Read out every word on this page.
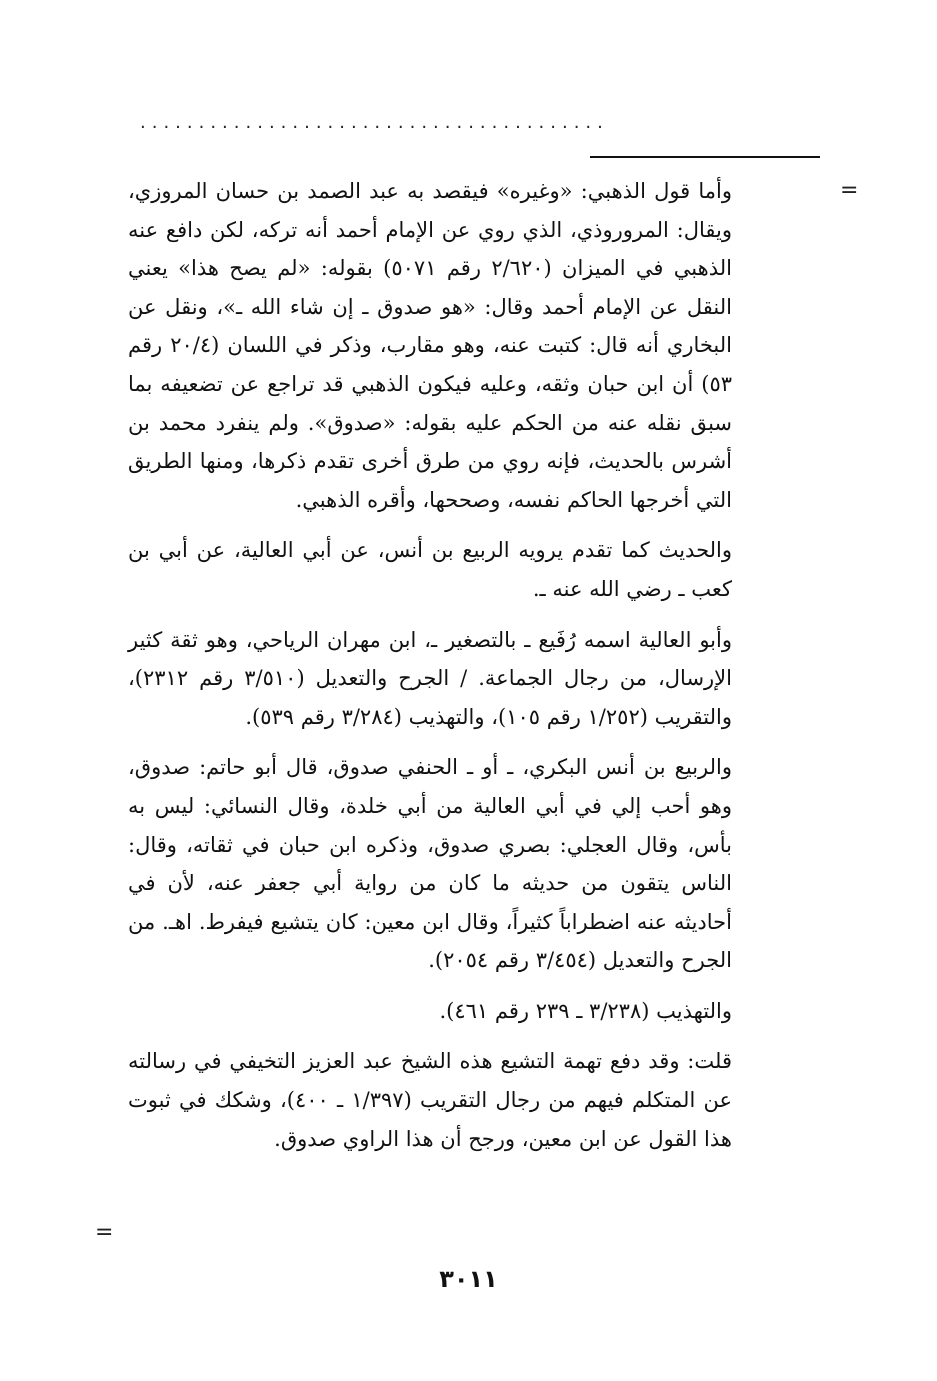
........................................
=

وأما قول الذهبي: «وغيره» فيقصد به عبد الصمد بن حسان المروزي، ويقال: المروروذي، الذي روي عن الإمام أحمد أنه تركه، لكن دافع عنه الذهبي في الميزان (٢/٦٢٠ رقم ٥٠٧١) بقوله: «لم يصح هذا» يعني النقل عن الإمام أحمد وقال: «هو صدوق ـ إن شاء الله ـ»، ونقل عن البخاري أنه قال: كتبت عنه، وهو مقارب، وذكر في اللسان (٢٠/٤ رقم ٥٣) أن ابن حبان وثقه، وعليه فيكون الذهبي قد تراجع عن تضعيفه بما سبق نقله عنه من الحكم عليه بقوله: «صدوق». ولم ينفرد محمد بن أشرس بالحديث، فإنه روي من طرق أخرى تقدم ذكرها، ومنها الطريق التي أخرجها الحاكم نفسه، وصححها، وأقره الذهبي.

والحديث كما تقدم يرويه الربيع بن أنس، عن أبي العالية، عن أبي بن كعب ـ رضي الله عنه ـ.

وأبو العالية اسمه رُفَيع ـ بالتصغير ـ، ابن مهران الرياحي، وهو ثقة كثير الإرسال، من رجال الجماعة. / الجرح والتعديل (٣/٥١٠ رقم ٢٣١٢)، والتقريب (١/٢٥٢ رقم ١٠٥)، والتهذيب (٣/٢٨٤ رقم ٥٣٩).

والربيع بن أنس البكري، ـ أو ـ الحنفي صدوق، قال أبو حاتم: صدوق، وهو أحب إلي في أبي العالية من أبي خلدة، وقال النسائي: ليس به بأس، وقال العجلي: بصري صدوق، وذكره ابن حبان في ثقاته، وقال: الناس يتقون من حديثه ما كان من رواية أبي جعفر عنه، لأن في أحاديثه عنه اضطراباً كثيراً، وقال ابن معين: كان يتشيع فيفرط. اهـ. من الجرح والتعديل (٣/٤٥٤ رقم ٢٠٥٤).

والتهذيب (٣/٢٣٨ ـ ٢٣٩ رقم ٤٦١).

قلت: وقد دفع تهمة التشيع هذه الشيخ عبد العزيز التخيفي في رسالته عن المتكلم فيهم من رجال التقريب (١/٣٩٧ ـ ٤٠٠)، وشكك في ثبوت هذا القول عن ابن معين، ورجح أن هذا الراوي صدوق.

=
٣٠١١
